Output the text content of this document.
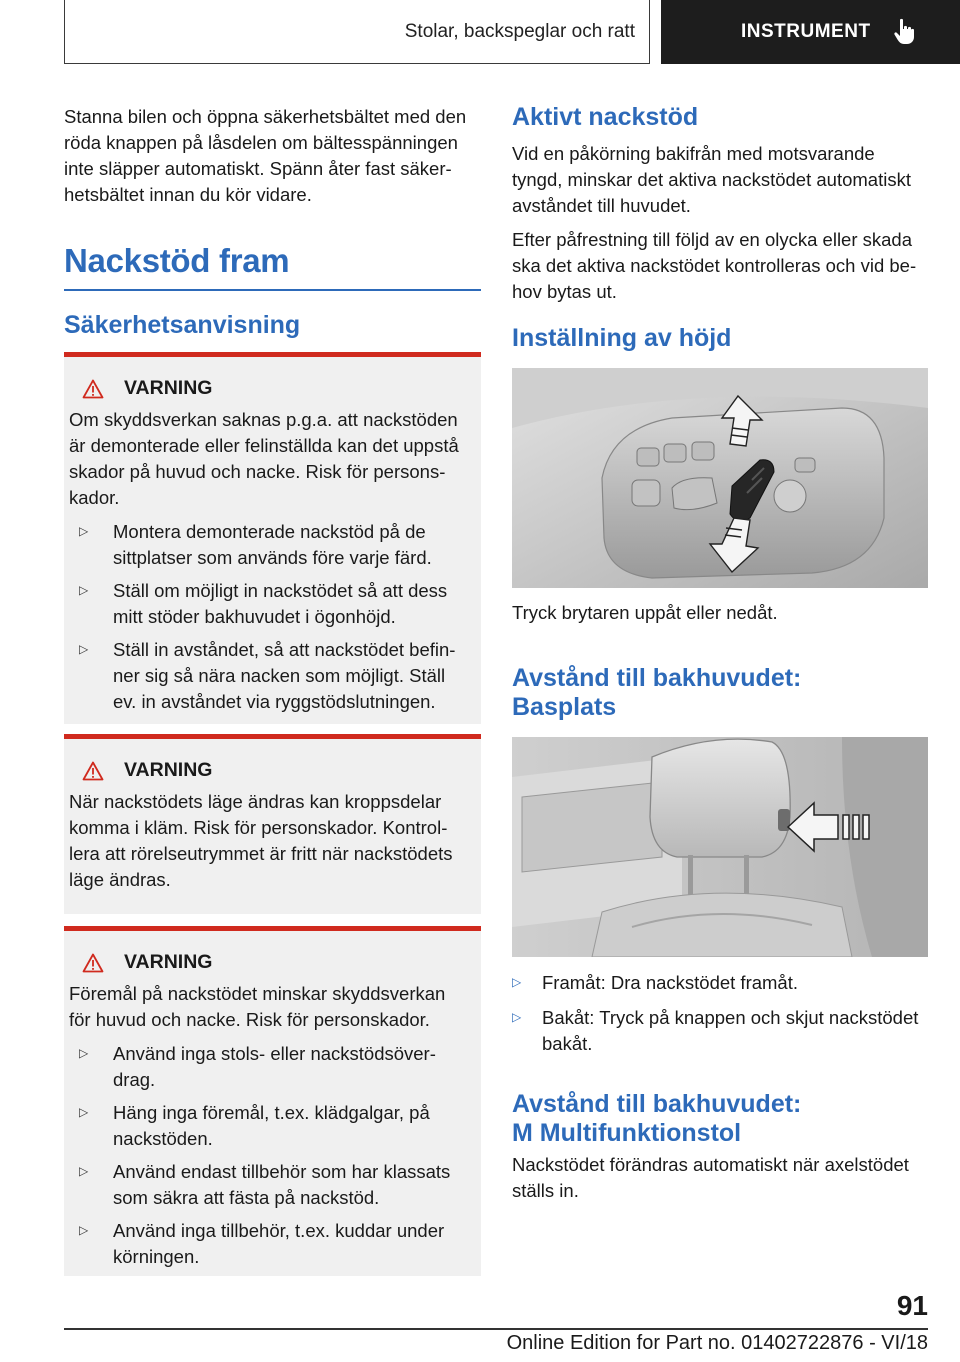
Stolar, backspeglar och ratt	INSTRUMENT

Stanna bilen och öppna säkerhetsbältet med den röda knappen på låsdelen om bältesspänningen inte släpper automatiskt. Spänn åter fast säkerhetsbältet innan du kör vidare.

Nackstöd fram
Säkerhetsanvisning
VARNING

Om skyddsverkan saknas p.g.a. att nackstöden är demonterade eller felinställda kan det uppstå skador på huvud och nacke. Risk för personskador.

▷	Montera demonterade nackstöd på de sittplatser som används före varje färd.
▷	Ställ om möjligt in nackstödet så att dess mitt stöder bakhuvudet i ögonhöjd.
▷	Ställ in avståndet, så att nackstödet befinner sig så nära nacken som möjligt. Ställ ev. in avståndet via ryggstödslutningen.
VARNING

När nackstödets läge ändras kan kroppsdelar komma i kläm. Risk för personskador. Kontrollera att rörelseutrymmet är fritt när nackstödets läge ändras.

VARNING

Föremål på nackstödet minskar skyddsverkan för huvud och nacke. Risk för personskador.

▷	Använd inga stols- eller nackstödsöverdrag.
▷	Häng inga föremål, t.ex. klädgalgar, på nackstöden.
▷	Använd endast tillbehör som har klassats som säkra att fästa på nackstöd.
▷	Använd inga tillbehör, t.ex. kuddar under körningen.
Aktivt nackstöd

Vid en påkörning bakifrån med motsvarande tyngd, minskar det aktiva nackstödet automatiskt avståndet till huvudet.

Efter påfrestning till följd av en olycka eller skada ska det aktiva nackstödet kontrolleras och vid behov bytas ut.

Inställning av höjd

Tryck brytaren uppåt eller nedåt.

Avstånd till bakhuvudet:
Basplats
▷	Framåt: Dra nackstödet framåt.
▷	Bakåt: Tryck på knappen och skjut nackstödet bakåt.
Avstånd till bakhuvudet:
M Multifunktionstol

Nackstödet förändras automatiskt när axelstödet ställs in.

91
Online Edition for Part no. 01402722876 - VI/18
